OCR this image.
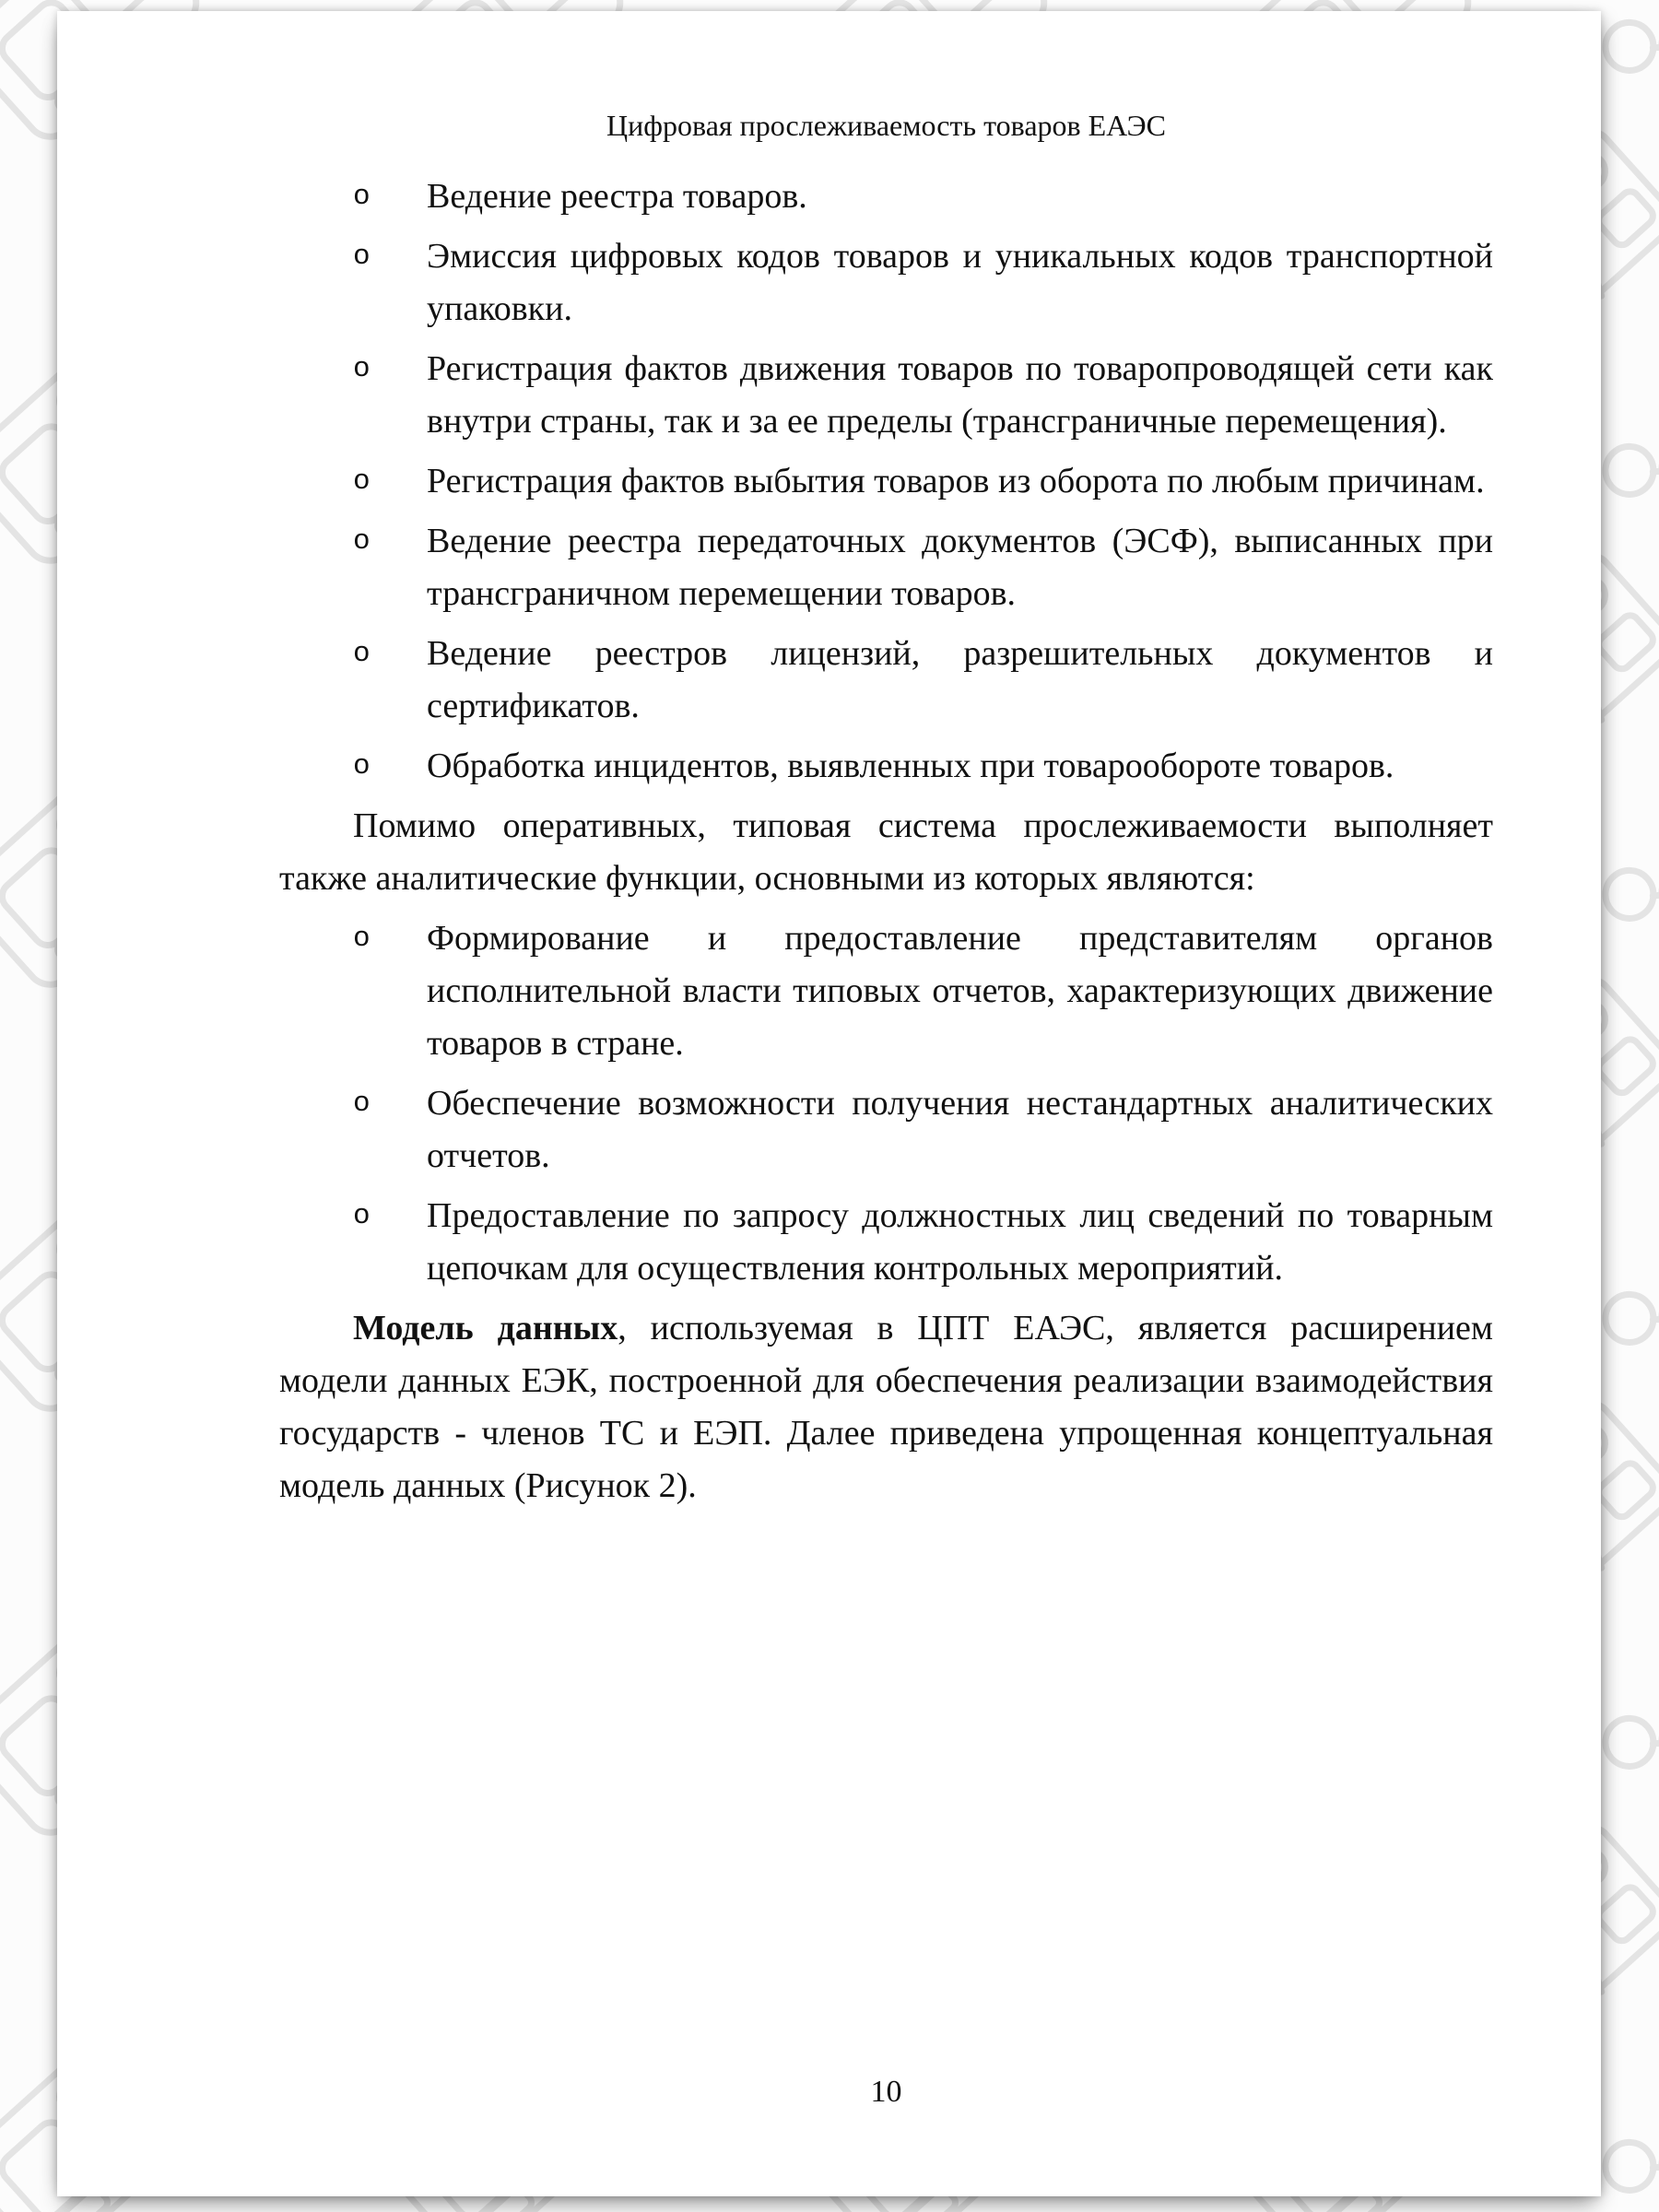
Цифровая прослеживаемость товаров ЕАЭС
o Ведение реестра товаров.
o Эмиссия цифровых кодов товаров и уникальных кодов транспортной упаковки.
o Регистрация фактов движения товаров по товаропроводящей сети как внутри страны, так и за ее пределы (трансграничные перемещения).
o Регистрация фактов выбытия товаров из оборота по любым причинам.
o Ведение реестра передаточных документов (ЭСФ), выписанных при трансграничном перемещении товаров.
o Ведение реестров лицензий, разрешительных документов и сертификатов.
o Обработка инцидентов, выявленных при товарообороте товаров.

Помимо оперативных, типовая система прослеживаемости выполняет также аналитические функции, основными из которых являются:

o Формирование и предоставление представителям органов исполнительной власти типовых отчетов, характеризующих движение товаров в стране.
o Обеспечение возможности получения нестандартных аналитических отчетов.
o Предоставление по запросу должностных лиц сведений по товарным цепочкам для осуществления контрольных мероприятий.

Модель данных, используемая в ЦПТ ЕАЭС, является расширением модели данных ЕЭК, построенной для обеспечения реализации взаимодействия государств - членов ТС и ЕЭП. Далее приведена упрощенная концептуальная модель данных (Рисунок 2).

10
